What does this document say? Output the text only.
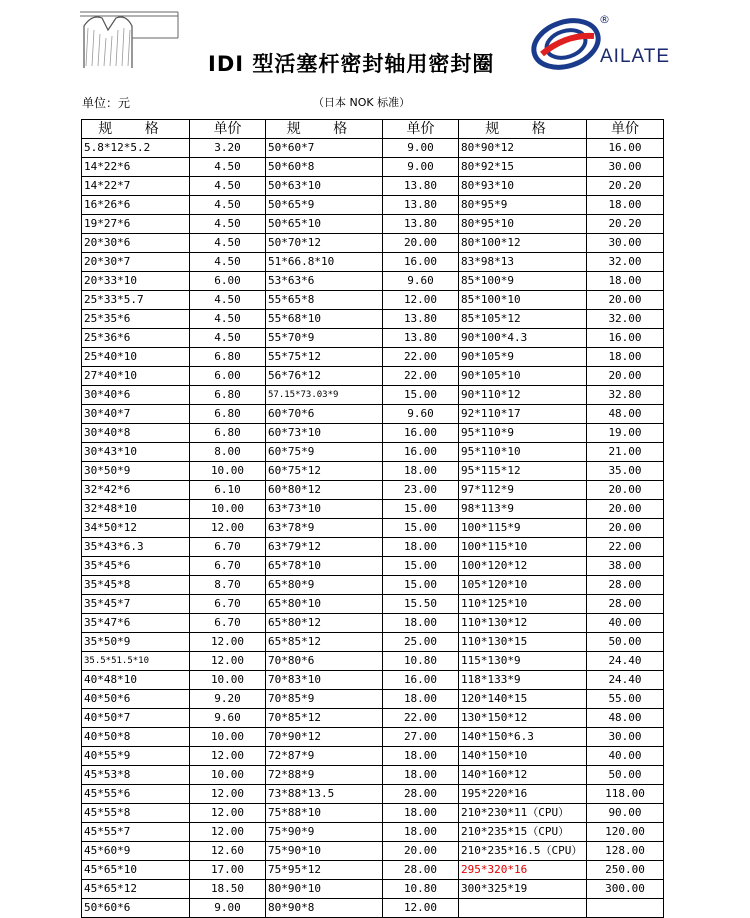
IDI 型活塞杆密封轴用密封圈
®
AILATE
单位：元	（日本 NOK 标准）
规 格	单价	规 格	单价	规 格	单价
5.8*12*5.2	3.20	50*60*7	9.00	80*90*12	16.00
14*22*6	4.50	50*60*8	9.00	80*92*15	30.00
14*22*7	4.50	50*63*10	13.80	80*93*10	20.20
16*26*6	4.50	50*65*9	13.80	80*95*9	18.00
19*27*6	4.50	50*65*10	13.80	80*95*10	20.20
20*30*6	4.50	50*70*12	20.00	80*100*12	30.00
20*30*7	4.50	51*66.8*10	16.00	83*98*13	32.00
20*33*10	6.00	53*63*6	9.60	85*100*9	18.00
25*33*5.7	4.50	55*65*8	12.00	85*100*10	20.00
25*35*6	4.50	55*68*10	13.80	85*105*12	32.00
25*36*6	4.50	55*70*9	13.80	90*100*4.3	16.00
25*40*10	6.80	55*75*12	22.00	90*105*9	18.00
27*40*10	6.00	56*76*12	22.00	90*105*10	20.00
30*40*6	6.80	57.15*73.03*9	15.00	90*110*12	32.80
30*40*7	6.80	60*70*6	9.60	92*110*17	48.00
30*40*8	6.80	60*73*10	16.00	95*110*9	19.00
30*43*10	8.00	60*75*9	16.00	95*110*10	21.00
30*50*9	10.00	60*75*12	18.00	95*115*12	35.00
32*42*6	6.10	60*80*12	23.00	97*112*9	20.00
32*48*10	10.00	63*73*10	15.00	98*113*9	20.00
34*50*12	12.00	63*78*9	15.00	100*115*9	20.00
35*43*6.3	6.70	63*79*12	18.00	100*115*10	22.00
35*45*6	6.70	65*78*10	15.00	100*120*12	38.00
35*45*8	8.70	65*80*9	15.00	105*120*10	28.00
35*45*7	6.70	65*80*10	15.50	110*125*10	28.00
35*47*6	6.70	65*80*12	18.00	110*130*12	40.00
35*50*9	12.00	65*85*12	25.00	110*130*15	50.00
35.5*51.5*10	12.00	70*80*6	10.80	115*130*9	24.40
40*48*10	10.00	70*83*10	16.00	118*133*9	24.40
40*50*6	9.20	70*85*9	18.00	120*140*15	55.00
40*50*7	9.60	70*85*12	22.00	130*150*12	48.00
40*50*8	10.00	70*90*12	27.00	140*150*6.3	30.00
40*55*9	12.00	72*87*9	18.00	140*150*10	40.00
45*53*8	10.00	72*88*9	18.00	140*160*12	50.00
45*55*6	12.00	73*88*13.5	28.00	195*220*16	118.00
45*55*8	12.00	75*88*10	18.00	210*230*11（CPU）	90.00
45*55*7	12.00	75*90*9	18.00	210*235*15（CPU）	120.00
45*60*9	12.60	75*90*10	20.00	210*235*16.5（CPU）	128.00
45*65*10	17.00	75*95*12	28.00	295*320*16	250.00
45*65*12	18.50	80*90*10	10.80	300*325*19	300.00
50*60*6	9.00	80*90*8	12.00		
